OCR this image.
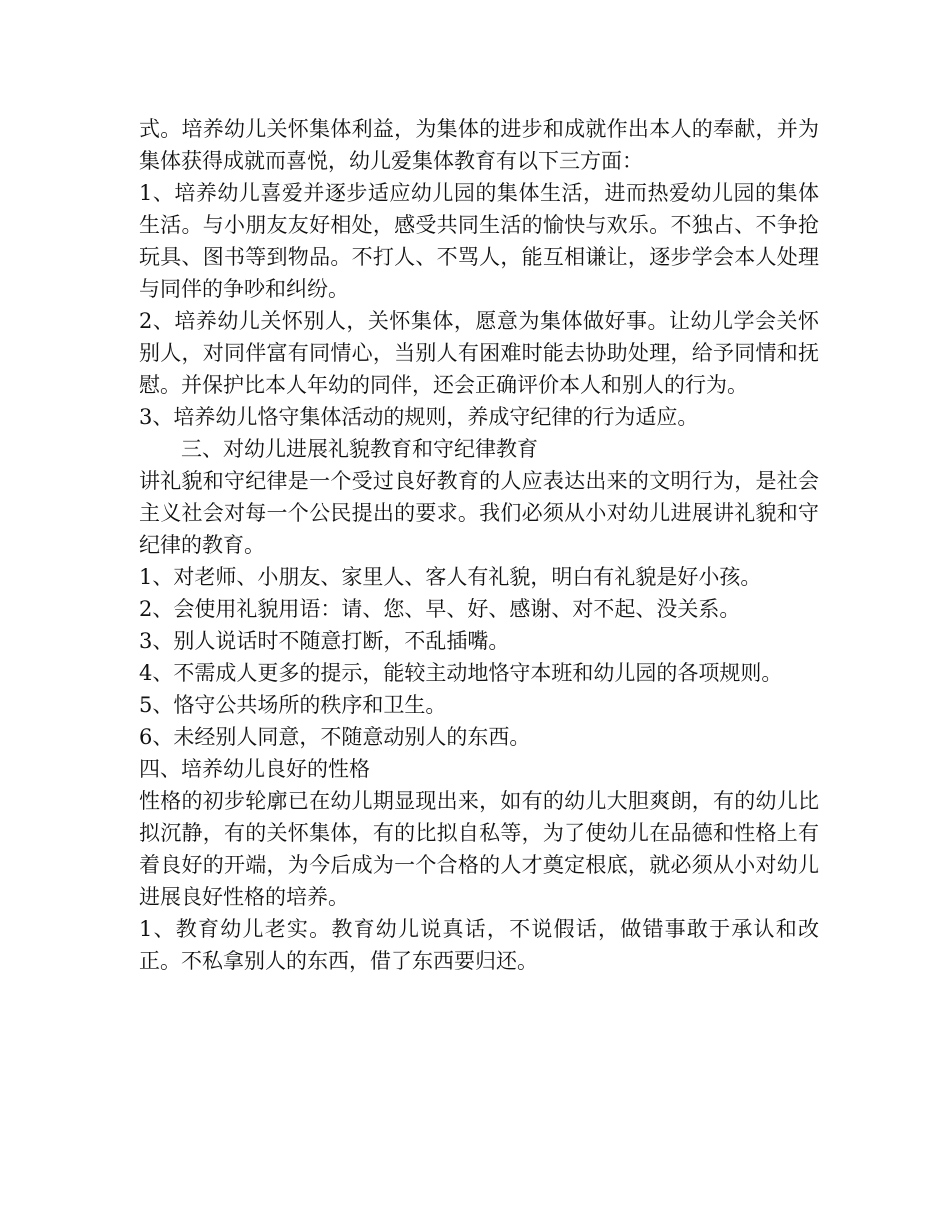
式。培养幼儿关怀集体利益，为集体的进步和成就作出本人的奉献，并为集体获得成就而喜悦，幼儿爱集体教育有以下三方面：

1、培养幼儿喜爱并逐步适应幼儿园的集体生活，进而热爱幼儿园的集体生活。与小朋友友好相处，感受共同生活的愉快与欢乐。不独占、不争抢玩具、图书等到物品。不打人、不骂人，能互相谦让，逐步学会本人处理与同伴的争吵和纠纷。

2、培养幼儿关怀别人，关怀集体，愿意为集体做好事。让幼儿学会关怀别人，对同伴富有同情心，当别人有困难时能去协助处理，给予同情和抚慰。并保护比本人年幼的同伴，还会正确评价本人和别人的行为。

3、培养幼儿恪守集体活动的规则，养成守纪律的行为适应。

三、对幼儿进展礼貌教育和守纪律教育

讲礼貌和守纪律是一个受过良好教育的人应表达出来的文明行为，是社会主义社会对每一个公民提出的要求。我们必须从小对幼儿进展讲礼貌和守纪律的教育。

1、对老师、小朋友、家里人、客人有礼貌，明白有礼貌是好小孩。

2、会使用礼貌用语：请、您、早、好、感谢、对不起、没关系。

3、别人说话时不随意打断，不乱插嘴。

4、不需成人更多的提示，能较主动地恪守本班和幼儿园的各项规则。

5、恪守公共场所的秩序和卫生。

6、未经别人同意，不随意动别人的东西。

四、培养幼儿良好的性格

性格的初步轮廓已在幼儿期显现出来，如有的幼儿大胆爽朗，有的幼儿比拟沉静，有的关怀集体，有的比拟自私等，为了使幼儿在品德和性格上有着良好的开端，为今后成为一个合格的人才奠定根底，就必须从小对幼儿进展良好性格的培养。

1、教育幼儿老实。教育幼儿说真话，不说假话，做错事敢于承认和改正。不私拿别人的东西，借了东西要归还。
